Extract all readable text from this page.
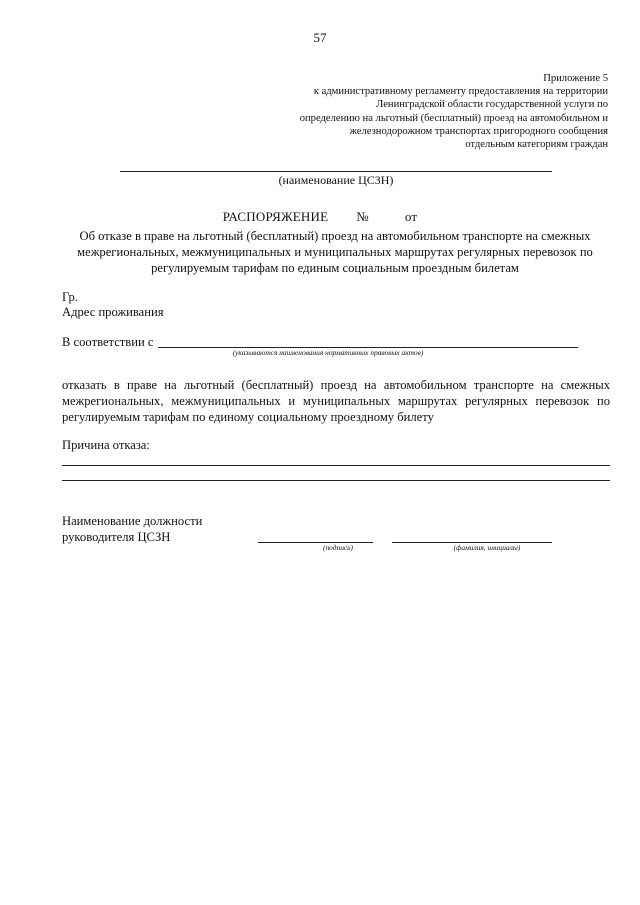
57
Приложение 5
к административному регламенту предоставления на территории
Ленинградской области государственной услуги по
определению на льготный (бесплатный) проезд на автомобильном и
железнодорожном транспортах пригородного сообщения
отдельным категориям граждан
(наименование ЦСЗН)
РАСПОРЯЖЕНИЕ №	от
Об отказе в праве на льготный (бесплатный) проезд на автомобильном транспорте на смежных
межрегиональных, межмуниципальных и муниципальных маршрутах регулярных перевозок по
регулируемым тарифам по единым социальным проездным билетам
Гр.
Адрес проживания
В соответствии с
(указываются наименования нормативных правовых актов)
отказать в праве на льготный (бесплатный) проезд на автомобильном транспорте на смежных
межрегиональных, межмуниципальных и муниципальных маршрутах регулярных перевозок по
регулируемым тарифам по единому социальному проездному билету
Причина отказа:
Наименование должности
руководителя ЦСЗН
(подпись)	(фамилия, инициалы)
